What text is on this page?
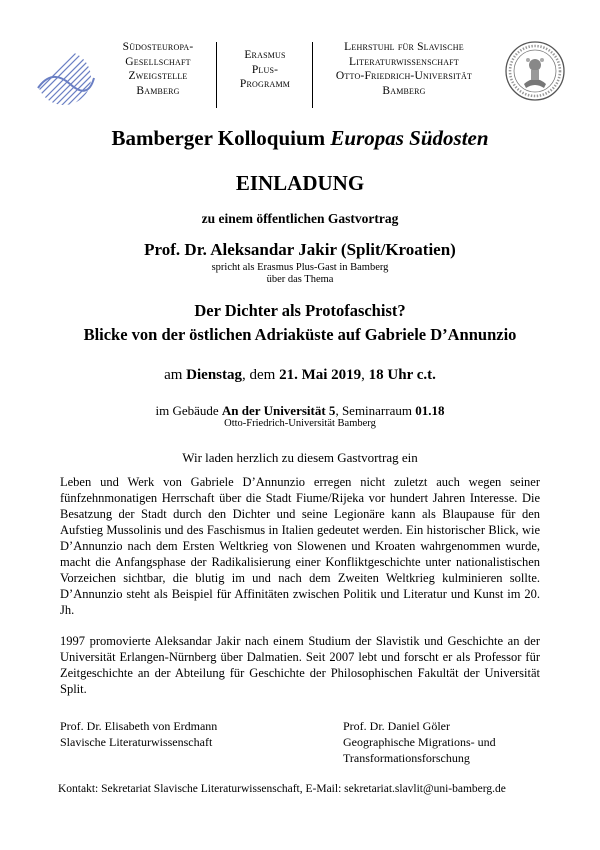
Südosteuropa-
Gesellschaft
Zweigstelle
Bamberg
Erasmus
Plus-
Programm
Lehrstuhl für Slavische
Literaturwissenschaft
Otto-Friedrich-Universität
Bamberg
Bamberger Kolloquium Europas Südosten
EINLADUNG
zu einem öffentlichen Gastvortrag
Prof. Dr. Aleksandar Jakir (Split/Kroatien)
spricht als Erasmus Plus-Gast in Bamberg
über das Thema
Der Dichter als Protofaschist?
Blicke von der östlichen Adriaküste auf Gabriele D’Annunzio
am Dienstag, dem 21. Mai 2019, 18 Uhr c.t.
im Gebäude An der Universität 5, Seminarraum 01.18
Otto-Friedrich-Universität Bamberg
Wir laden herzlich zu diesem Gastvortrag ein

Leben und Werk von Gabriele D’Annunzio erregen nicht zuletzt auch wegen seiner fünfzehnmonatigen Herrschaft über die Stadt Fiume/Rijeka vor hundert Jahren Interesse. Die Besatzung der Stadt durch den Dichter und seine Legionäre kann als Blaupause für den Aufstieg Mussolinis und des Faschismus in Italien gedeutet werden. Ein historischer Blick, wie D’Annunzio nach dem Ersten Weltkrieg von Slowenen und Kroaten wahrgenommen wurde, macht die Anfangsphase der Radikalisierung einer Konfliktgeschichte unter nationalistischen Vorzeichen sichtbar, die blutig im und nach dem Zweiten Weltkrieg kulminieren sollte. D’Annunzio steht als Beispiel für Affinitäten zwischen Politik und Literatur und Kunst im 20. Jh.

1997 promovierte Aleksandar Jakir nach einem Studium der Slavistik und Geschichte an der Universität Erlangen-Nürnberg über Dalmatien. Seit 2007 lebt und forscht er als Professor für Zeitgeschichte an der Abteilung für Geschichte der Philosophischen Fakultät der Universität Split.

Prof. Dr. Elisabeth von Erdmann
Slavische Literaturwissenschaft
Prof. Dr. Daniel Göler
Geographische Migrations- und
Transformationsforschung
Kontakt: Sekretariat Slavische Literaturwissenschaft, E-Mail: sekretariat.slavlit@uni-bamberg.de
